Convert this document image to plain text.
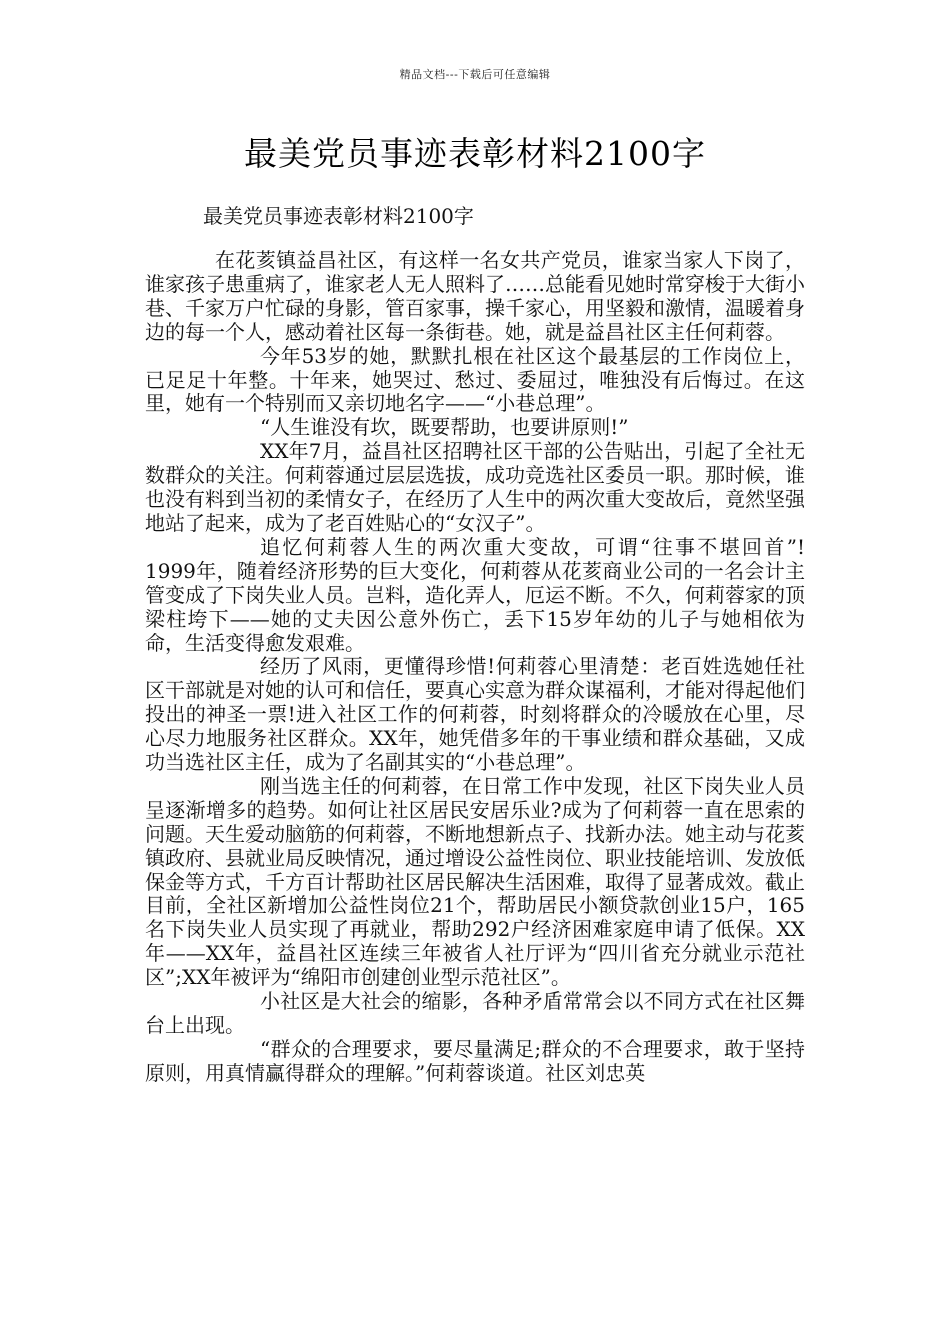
精品文档---下载后可任意编辑
最美党员事迹表彰材料2100字
最美党员事迹表彰材料2100字

在花荄镇益昌社区，有这样一名女共产党员，谁家当家人下岗了，谁家孩子患重病了，谁家老人无人照料了……总能看见她时常穿梭于大街小巷、千家万户忙碌的身影，管百家事，操千家心，用坚毅和激情，温暖着身边的每一个人，感动着社区每一条街巷。她，就是益昌社区主任何莉蓉。

今年53岁的她，默默扎根在社区这个最基层的工作岗位上，已足足十年整。十年来，她哭过、愁过、委屈过，唯独没有后悔过。在这里，她有一个特别而又亲切地名字——“小巷总理”。

“人生谁没有坎，既要帮助，也要讲原则!”

XX年7月，益昌社区招聘社区干部的公告贴出，引起了全社无数群众的关注。何莉蓉通过层层选拔，成功竞选社区委员一职。那时候，谁也没有料到当初的柔情女子，在经历了人生中的两次重大变故后，竟然坚强地站了起来，成为了老百姓贴心的“女汉子”。

追忆何莉蓉人生的两次重大变故，可谓“往事不堪回首”! 1999年，随着经济形势的巨大变化，何莉蓉从花荄商业公司的一名会计主管变成了下岗失业人员。岂料，造化弄人，厄运不断。不久，何莉蓉家的顶梁柱垮下——她的丈夫因公意外伤亡，丢下15岁年幼的儿子与她相依为命，生活变得愈发艰难。

经历了风雨，更懂得珍惜!何莉蓉心里清楚：老百姓选她任社区干部就是对她的认可和信任，要真心实意为群众谋福利，才能对得起他们投出的神圣一票!进入社区工作的何莉蓉，时刻将群众的冷暖放在心里，尽心尽力地服务社区群众。XX年，她凭借多年的干事业绩和群众基础，又成功当选社区主任，成为了名副其实的“小巷总理”。

刚当选主任的何莉蓉，在日常工作中发现，社区下岗失业人员呈逐渐增多的趋势。如何让社区居民安居乐业?成为了何莉蓉一直在思索的问题。天生爱动脑筋的何莉蓉，不断地想新点子、找新办法。她主动与花荄镇政府、县就业局反映情况，通过增设公益性岗位、职业技能培训、发放低保金等方式，千方百计帮助社区居民解决生活困难，取得了显著成效。截止目前，全社区新增加公益性岗位21个，帮助居民小额贷款创业15户，165名下岗失业人员实现了再就业，帮助292户经济困难家庭申请了低保。XX年——XX年，益昌社区连续三年被省人社厅评为“四川省充分就业示范社区”;XX年被评为“绵阳市创建创业型示范社区”。

小社区是大社会的缩影，各种矛盾常常会以不同方式在社区舞台上出现。

“群众的合理要求，要尽量满足;群众的不合理要求，敢于坚持原则，用真情赢得群众的理解。”何莉蓉谈道。社区刘忠英
